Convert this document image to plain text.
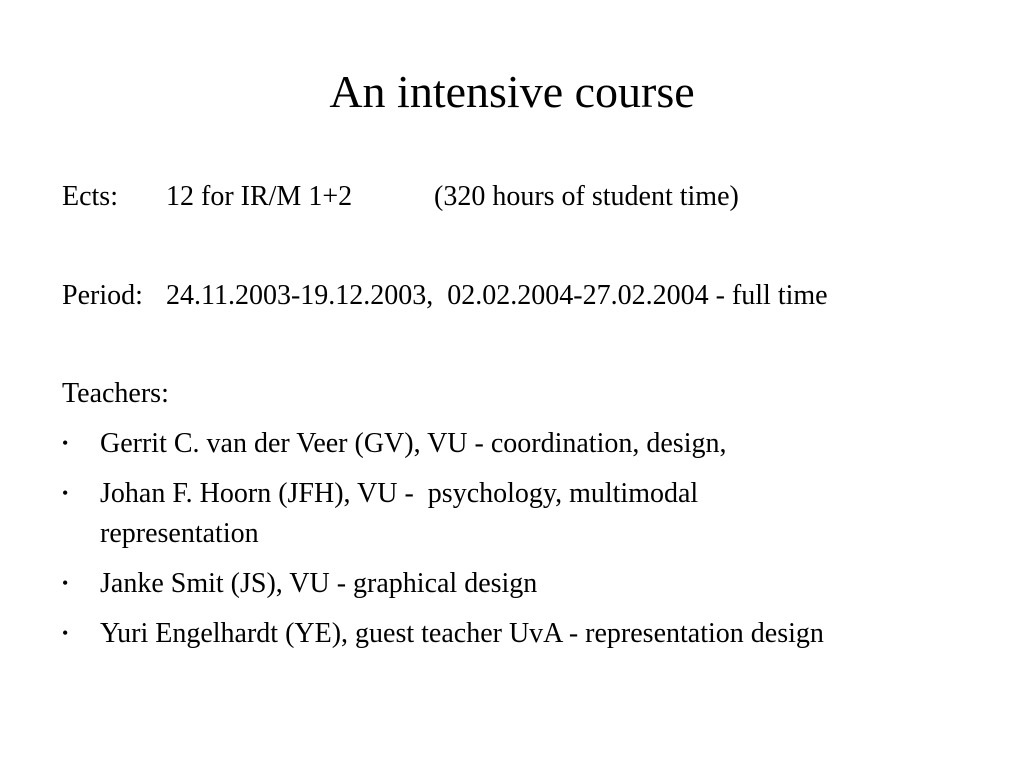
An intensive course
Ects: 12 for IR/M 1+2	(320 hours of student time)
Period: 24.11.2003-19.12.2003,  02.02.2004-27.02.2004 - full time
Teachers:
• Gerrit C. van der Veer (GV), VU - coordination, design,
• Johan F. Hoorn (JFH), VU -  psychology, multimodal
representation
• Janke Smit (JS), VU - graphical design
• Yuri Engelhardt (YE), guest teacher UvA - representation design
